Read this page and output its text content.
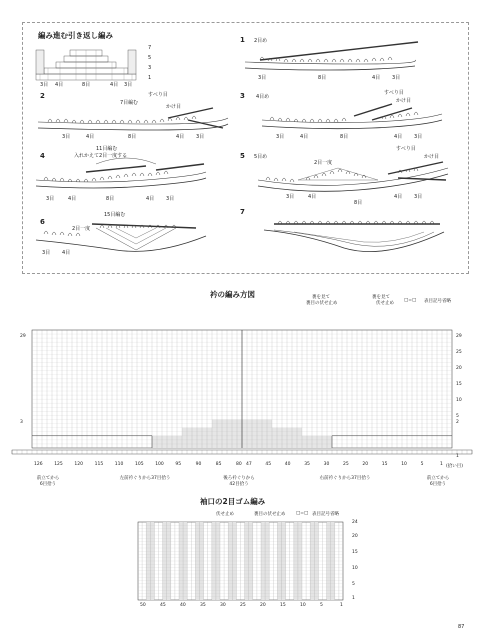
編み進む引き返し編み
7
5
3
1
3目 4目	8目	4目 3目
1 2目め
3目	8目	4目 3目
2	すべり目
7目編む
かけ目
3目	4目	8目	4目 3目
3 4目め
すべり目
かけ目
3目	4目	8目	4目 3目
4
11目編む
入れかえて2目一度する
3目	4目	8目	4目 3目
5 5目め
すべり目
かけ目
2目一度
3目	4目
8目
4目 3目
6
2目一度
15目編む
3目 4目
7
衿の編み方図	裏を見て
裏目の伏せ止め
裏を見て
伏せ止め
□=□ 表目記号省略
29	29
3	2
1
(拾い目)
25
20
15
10
5
126	125	120	115	110	105	100	95	90	85	80 47	45	40	35	30	25	20	15	10	5	1
前立てから
6目拾う
左前衿ぐりから37目拾う	後ろ衿ぐりから
42目拾う
右前衿ぐりから37目拾う	前立てから
6目拾う
袖口の2目ゴム編み
伏せ止め	裏目の伏せ止め □=□ 表目記号省略
24
20
15
10
5
1
50	45	40	35	30	25	20	15	10	5	1
87
